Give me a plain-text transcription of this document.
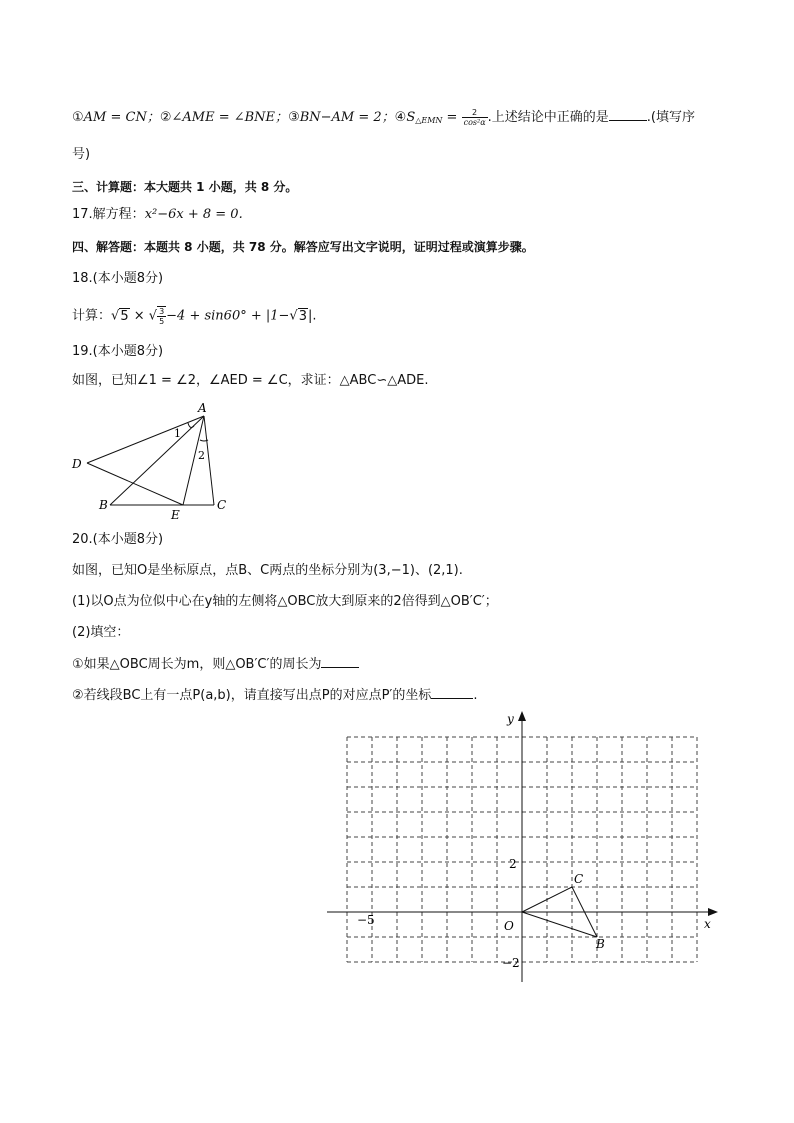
①AM = CN；②∠AME = ∠BNE；③BN−AM = 2；$④S_{\triangle EMN} = \frac{2}{\text{cos²α}}$ .上述结论中正确的是	.(填写序
号)
三、计算题：本大题共 1 小题，共 8 分。
17.解方程：x²−6x + 8 = 0.
四、解答题：本题共 8 小题，共 78 分。解答应写出文字说明，证明过程或演算步骤。
18.(本小题8分)
计算：√5 × √ $\frac{3}{5} -4 + \sin 60^\circ + |1-√3|$.
19.(本小题8分)
如图，已知∠1 = ∠2，∠AED = ∠C，求证：△ABC∽△ADE.
A
D
B
E
C
1
2
20.(本小题8分)
如图，已知O是坐标原点，点B、C两点的坐标分别为(3,−1)、(2,1).
(1)以O点为位似中心在y轴的左侧将△OBC放大到原来的2倍得到△OB′C′；
(2)填空：
①如果△OBC周长为m，则△OB′C′的周长为
②若线段BC上有一点P(a,b)，请直接写出点P的对应点P′的坐标	.
x
y
O
−5
2
−2
B
C
